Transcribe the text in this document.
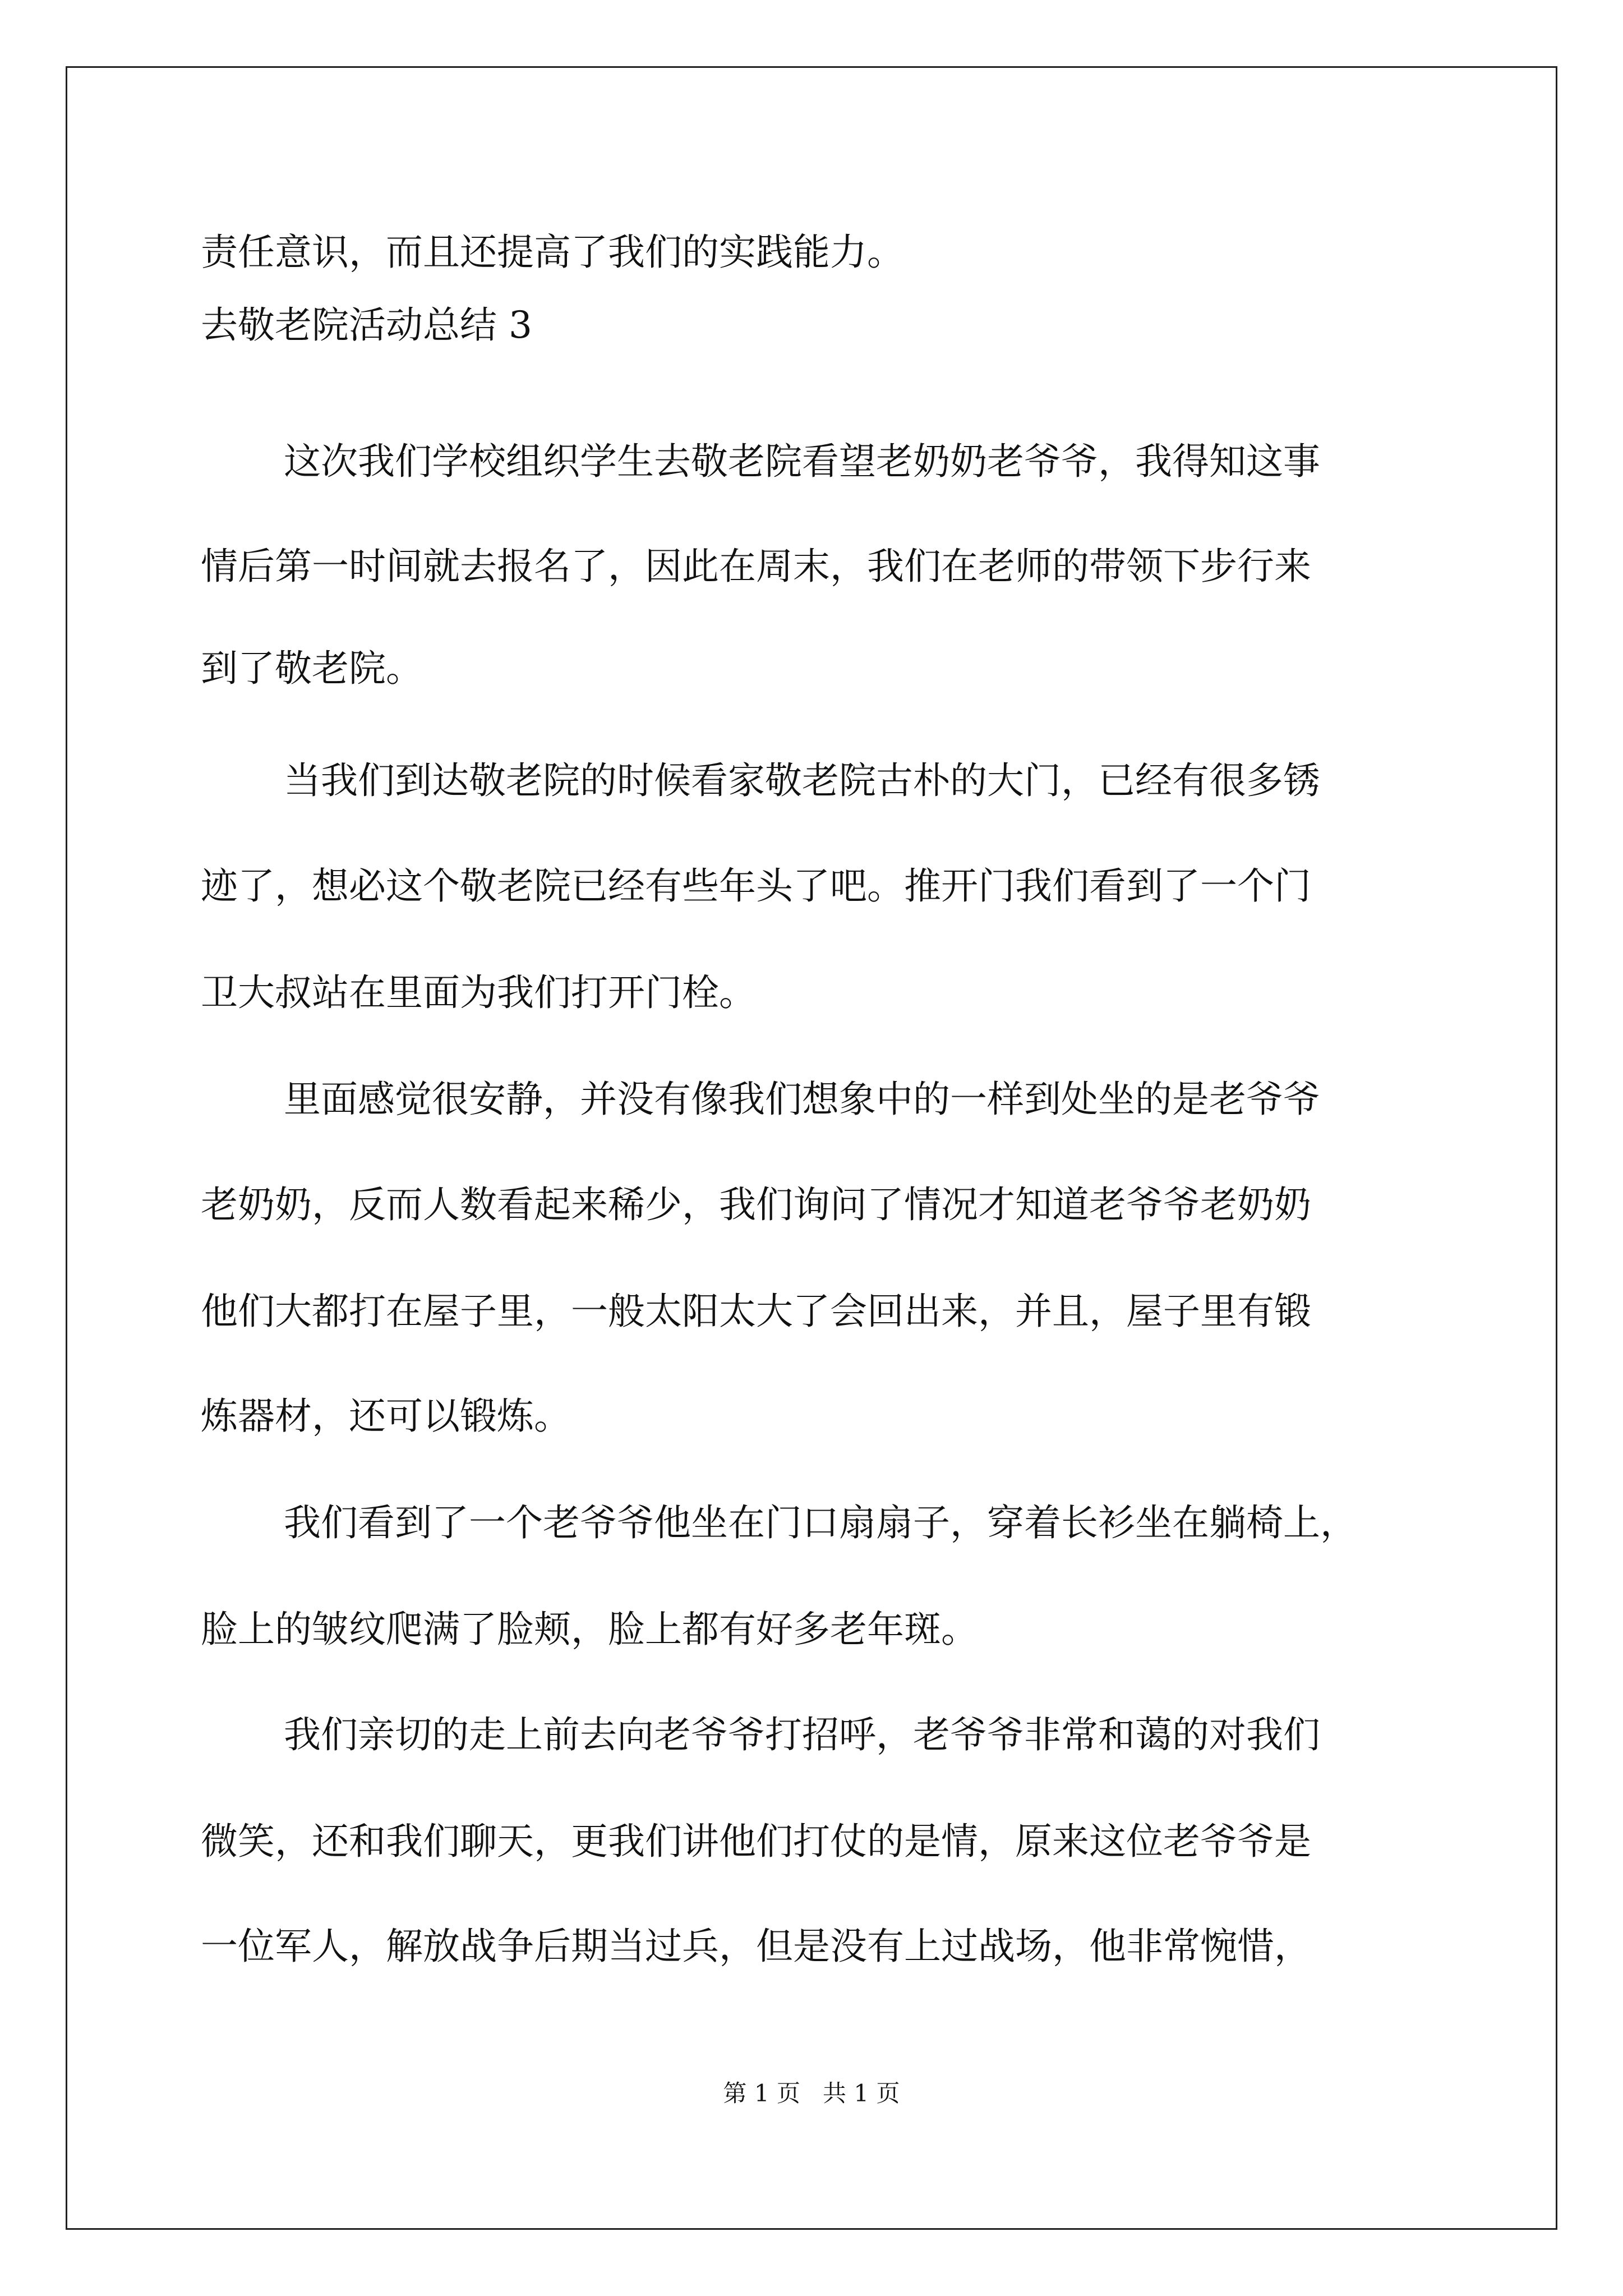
责任意识，而且还提高了我们的实践能力。
去敬老院活动总结 3
这次我们学校组织学生去敬老院看望老奶奶老爷爷，我得知这事
情后第一时间就去报名了，因此在周末，我们在老师的带领下步行来
到了敬老院。
当我们到达敬老院的时候看家敬老院古朴的大门，已经有很多锈
迹了，想必这个敬老院已经有些年头了吧。推开门我们看到了一个门
卫大叔站在里面为我们打开门栓。
里面感觉很安静，并没有像我们想象中的一样到处坐的是老爷爷
老奶奶，反而人数看起来稀少，我们询问了情况才知道老爷爷老奶奶
他们大都打在屋子里，一般太阳太大了会回出来，并且，屋子里有锻
炼器材，还可以锻炼。
我们看到了一个老爷爷他坐在门口扇扇子，穿着长衫坐在躺椅上，
脸上的皱纹爬满了脸颊，脸上都有好多老年斑。
我们亲切的走上前去向老爷爷打招呼，老爷爷非常和蔼的对我们
微笑，还和我们聊天，更我们讲他们打仗的是情，原来这位老爷爷是
一位军人，解放战争后期当过兵，但是没有上过战场，他非常惋惜，
第 1 页   共 1 页
